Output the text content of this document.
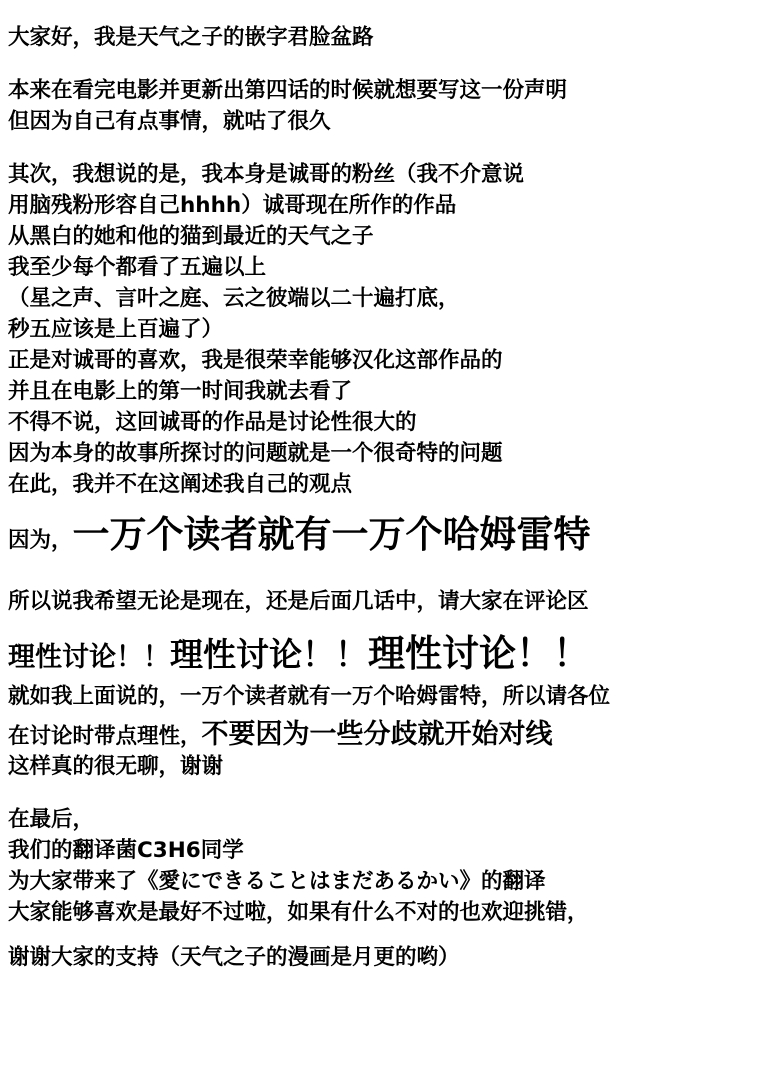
大家好，我是天气之子的嵌字君脸盆路
本来在看完电影并更新出第四话的时候就想要写这一份声明
但因为自己有点事情，就咕了很久
其次，我想说的是，我本身是诚哥的粉丝（我不介意说
用脑残粉形容自己hhhh）诚哥现在所作的作品
从黑白的她和他的猫到最近的天气之子
我至少每个都看了五遍以上
（星之声、言叶之庭、云之彼端以二十遍打底，
秒五应该是上百遍了）
正是对诚哥的喜欢，我是很荣幸能够汉化这部作品的
并且在电影上的第一时间我就去看了
不得不说，这回诚哥的作品是讨论性很大的
因为本身的故事所探讨的问题就是一个很奇特的问题
在此，我并不在这阐述我自己的观点
因为， 一万个读者就有一万个哈姆雷特
所以说我希望无论是现在，还是后面几话中，请大家在评论区
理性讨论！！ 理性讨论！！ 理性讨论！！
就如我上面说的，一万个读者就有一万个哈姆雷特，所以请各位
在讨论时带点理性， 不要因为一些分歧就开始对线
这样真的很无聊，谢谢
在最后，
我们的翻译菌C3H6同学
为大家带来了《愛にできることはまだあるかい》的翻译
大家能够喜欢是最好不过啦，如果有什么不对的也欢迎挑错，
谢谢大家的支持（天气之子的漫画是月更的哟）
